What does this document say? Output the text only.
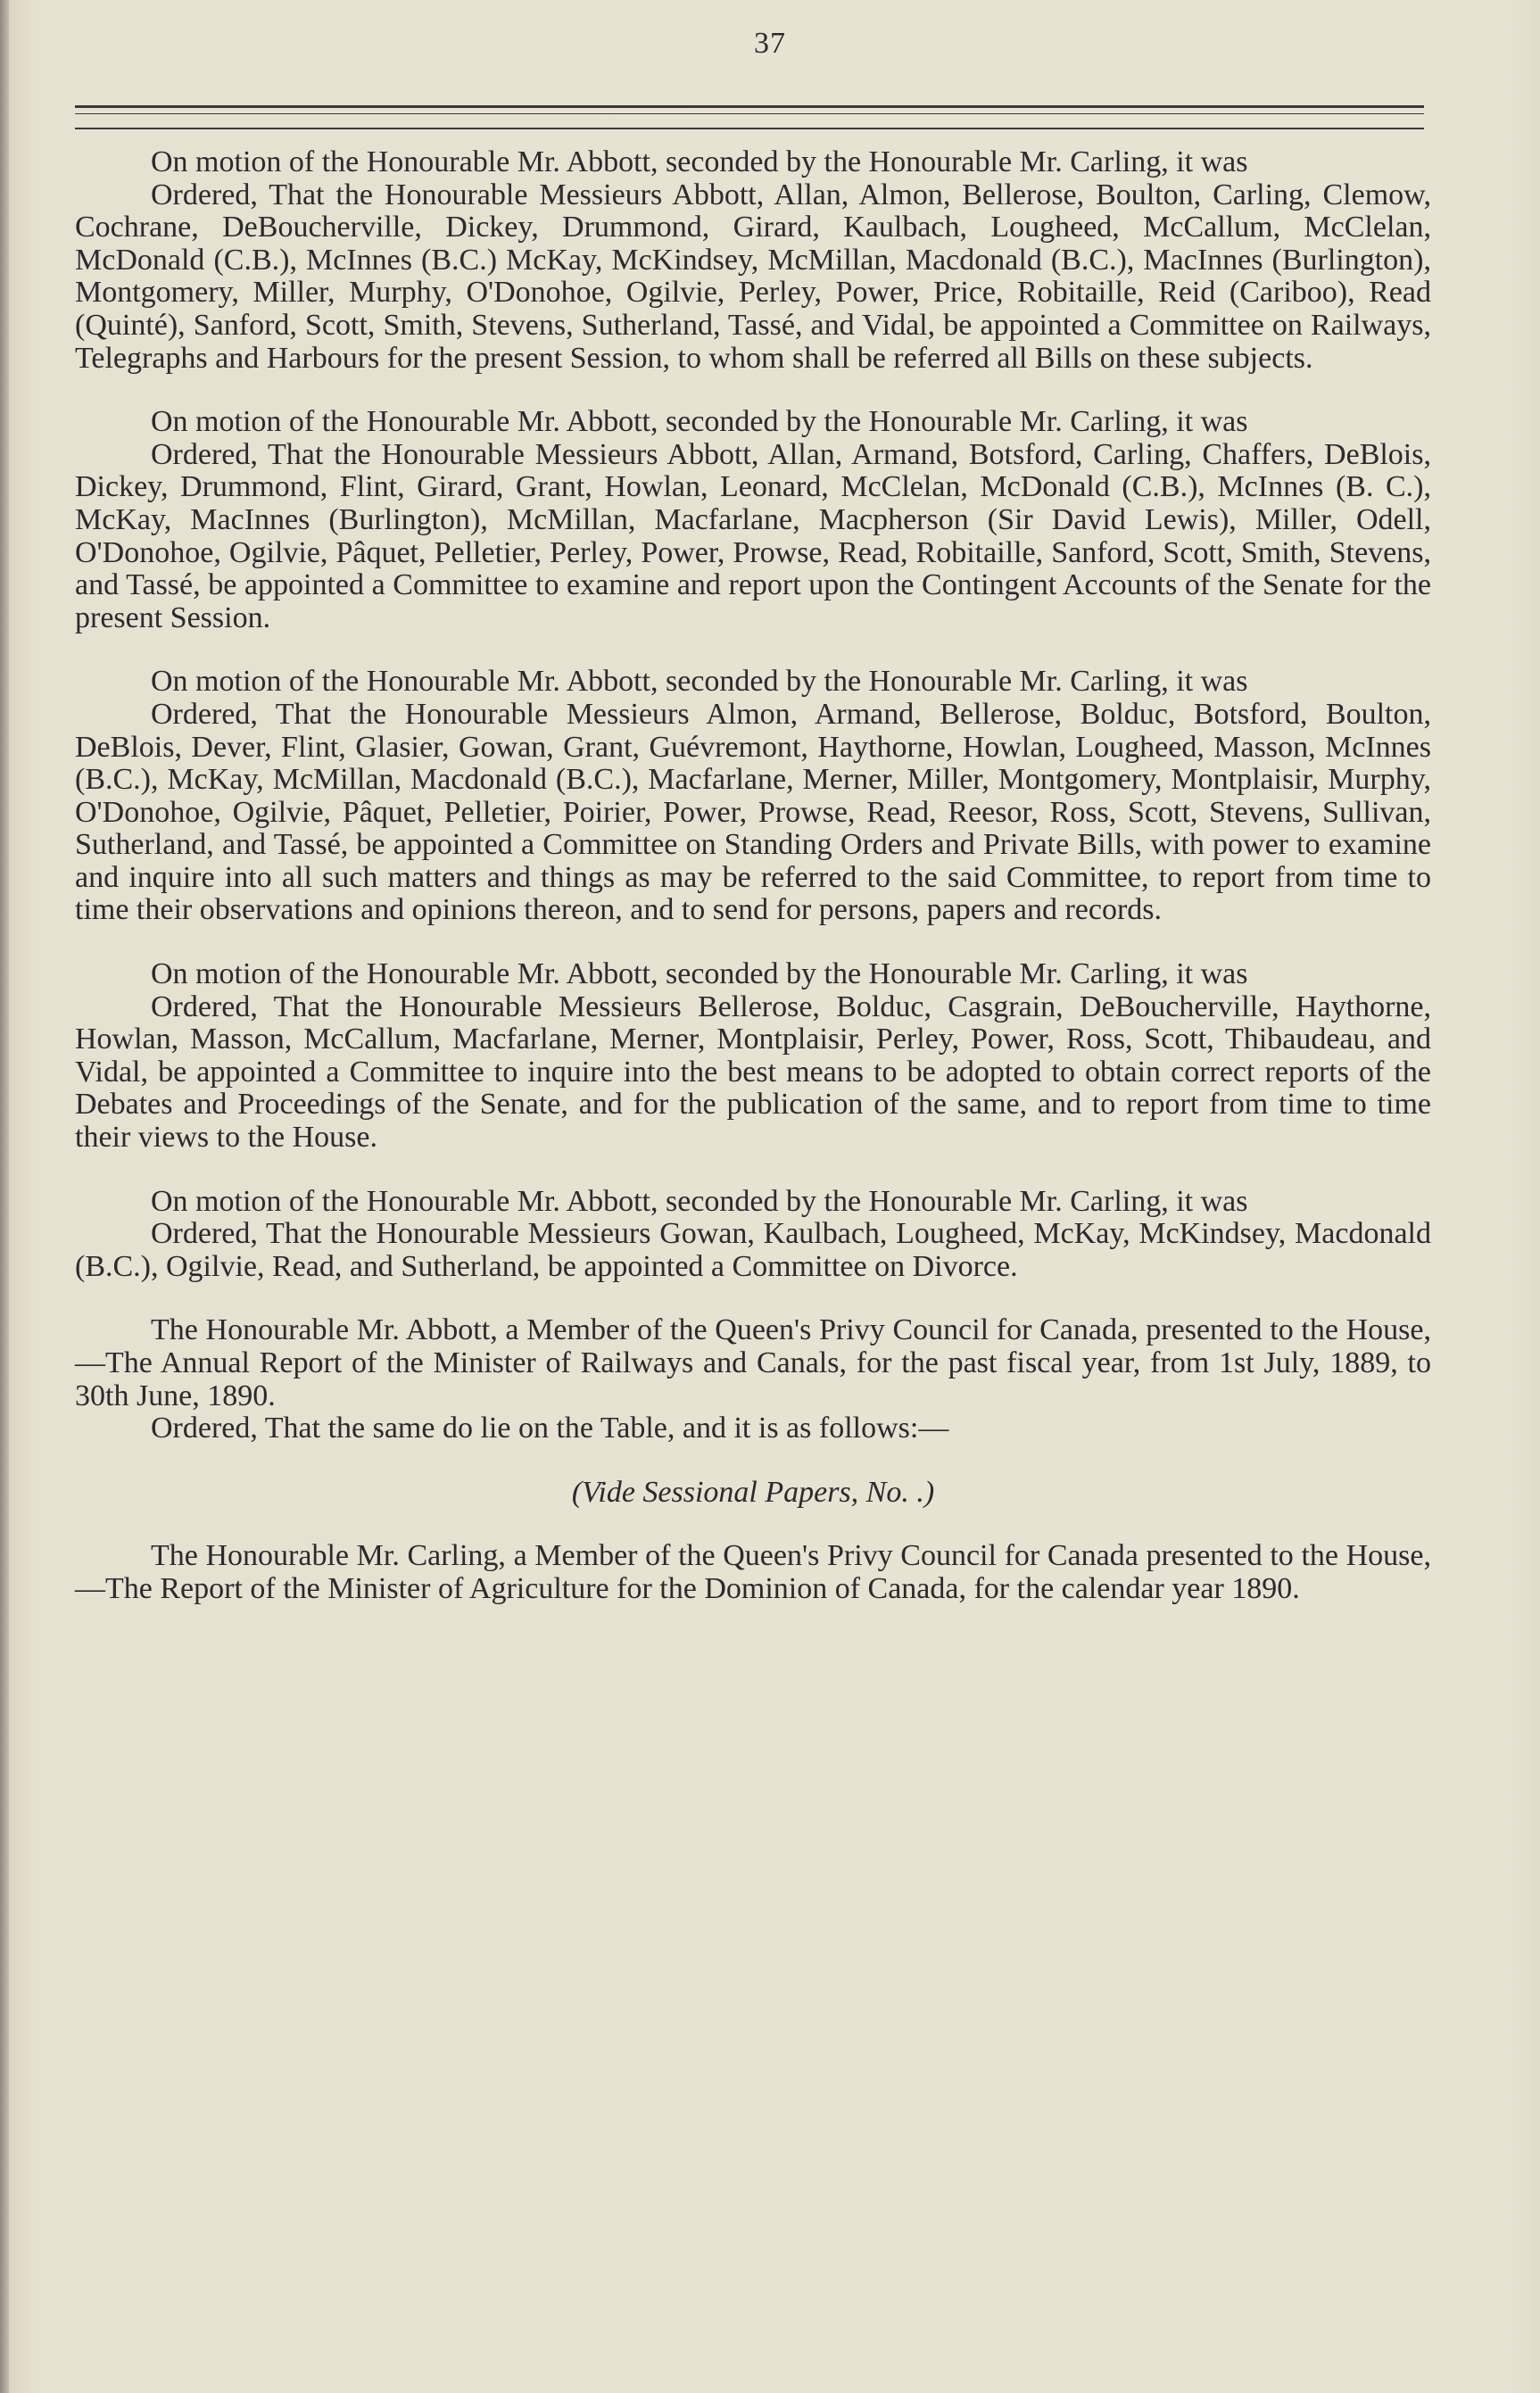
37

On motion of the Honourable Mr. Abbott, seconded by the Honourable Mr. Carling, it was

Ordered, That the Honourable Messieurs Abbott, Allan, Almon, Bellerose, Boulton, Carling, Clemow, Cochrane, DeBoucherville, Dickey, Drummond, Girard, Kaulbach, Lougheed, McCallum, McClelan, McDonald (C.B.), McInnes (B.C.) McKay, McKindsey, McMillan, Macdonald (B.C.), MacInnes (Burlington), Montgomery, Miller, Murphy, O'Donohoe, Ogilvie, Perley, Power, Price, Robitaille, Reid (Cariboo), Read (Quinté), Sanford, Scott, Smith, Stevens, Sutherland, Tassé, and Vidal, be appointed a Committee on Railways, Telegraphs and Harbours for the present Session, to whom shall be referred all Bills on these subjects.

On motion of the Honourable Mr. Abbott, seconded by the Honourable Mr. Carling, it was

Ordered, That the Honourable Messieurs Abbott, Allan, Armand, Botsford, Carling, Chaffers, DeBlois, Dickey, Drummond, Flint, Girard, Grant, Howlan, Leonard, McClelan, McDonald (C.B.), McInnes (B. C.), McKay, MacInnes (Burlington), McMillan, Macfarlane, Macpherson (Sir David Lewis), Miller, Odell, O'Donohoe, Ogilvie, Pâquet, Pelletier, Perley, Power, Prowse, Read, Robitaille, Sanford, Scott, Smith, Stevens, and Tassé, be appointed a Committee to examine and report upon the Contingent Accounts of the Senate for the present Session.

On motion of the Honourable Mr. Abbott, seconded by the Honourable Mr. Carling, it was

Ordered, That the Honourable Messieurs Almon, Armand, Bellerose, Bolduc, Botsford, Boulton, DeBlois, Dever, Flint, Glasier, Gowan, Grant, Guévremont, Haythorne, Howlan, Lougheed, Masson, McInnes (B.C.), McKay, McMillan, Macdonald (B.C.), Macfarlane, Merner, Miller, Montgomery, Montplaisir, Murphy, O'Donohoe, Ogilvie, Pâquet, Pelletier, Poirier, Power, Prowse, Read, Reesor, Ross, Scott, Stevens, Sullivan, Sutherland, and Tassé, be appointed a Committee on Standing Orders and Private Bills, with power to examine and inquire into all such matters and things as may be referred to the said Committee, to report from time to time their observations and opinions thereon, and to send for persons, papers and records.

On motion of the Honourable Mr. Abbott, seconded by the Honourable Mr. Carling, it was

Ordered, That the Honourable Messieurs Bellerose, Bolduc, Casgrain, DeBoucherville, Haythorne, Howlan, Masson, McCallum, Macfarlane, Merner, Montplaisir, Perley, Power, Ross, Scott, Thibaudeau, and Vidal, be appointed a Committee to inquire into the best means to be adopted to obtain correct reports of the Debates and Proceedings of the Senate, and for the publication of the same, and to report from time to time their views to the House.

On motion of the Honourable Mr. Abbott, seconded by the Honourable Mr. Carling, it was

Ordered, That the Honourable Messieurs Gowan, Kaulbach, Lougheed, McKay, McKindsey, Macdonald (B.C.), Ogilvie, Read, and Sutherland, be appointed a Committee on Divorce.

The Honourable Mr. Abbott, a Member of the Queen's Privy Council for Canada, presented to the House,—The Annual Report of the Minister of Railways and Canals, for the past fiscal year, from 1st July, 1889, to 30th June, 1890.

Ordered, That the same do lie on the Table, and it is as follows:—

(Vide Sessional Papers, No. .)

The Honourable Mr. Carling, a Member of the Queen's Privy Council for Canada presented to the House,—The Report of the Minister of Agriculture for the Dominion of Canada, for the calendar year 1890.
